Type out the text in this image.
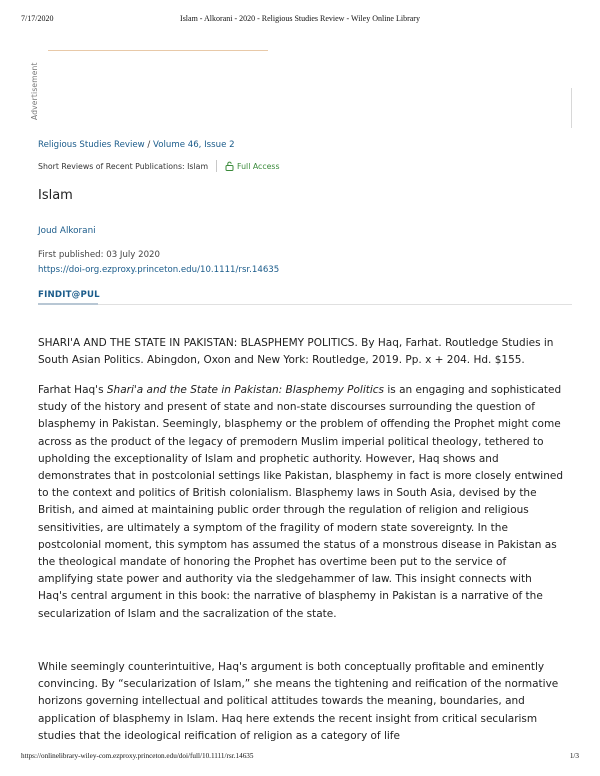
7/17/2020	Islam - Alkorani - 2020 - Religious Studies Review - Wiley Online Library
Advertisement
Religious Studies Review / Volume 46, Issue 2
Short Reviews of Recent Publications: Islam	Full Access
Islam
Joud Alkorani
First published: 03 July 2020
https://doi-org.ezproxy.princeton.edu/10.1111/rsr.14635
FINDIT@PUL

SHARI'A AND THE STATE IN PAKISTAN: BLASPHEMY POLITICS. By Haq, Farhat. Routledge Studies in South Asian Politics. Abingdon, Oxon and New York: Routledge, 2019. Pp. x + 204. Hd. $155.

Farhat Haq's Shari'a and the State in Pakistan: Blasphemy Politics is an engaging and sophisticated study of the history and present of state and non-state discourses surrounding the question of blasphemy in Pakistan. Seemingly, blasphemy or the problem of offending the Prophet might come across as the product of the legacy of premodern Muslim imperial political theology, tethered to upholding the exceptionality of Islam and prophetic authority. However, Haq shows and demonstrates that in postcolonial settings like Pakistan, blasphemy in fact is more closely entwined to the context and politics of British colonialism. Blasphemy laws in South Asia, devised by the British, and aimed at maintaining public order through the regulation of religion and religious sensitivities, are ultimately a symptom of the fragility of modern state sovereignty. In the postcolonial moment, this symptom has assumed the status of a monstrous disease in Pakistan as the theological mandate of honoring the Prophet has overtime been put to the service of amplifying state power and authority via the sledgehammer of law. This insight connects with Haq's central argument in this book: the narrative of blasphemy in Pakistan is a narrative of the secularization of Islam and the sacralization of the state.

While seemingly counterintuitive, Haq's argument is both conceptually profitable and eminently convincing. By “secularization of Islam,” she means the tightening and reification of the normative horizons governing intellectual and political attitudes towards the meaning, boundaries, and application of blasphemy in Islam. Haq here extends the recent insight from critical secularism studies that the ideological reification of religion as a category of life

https://onlinelibrary-wiley-com.ezproxy.princeton.edu/doi/full/10.1111/rsr.14635	1/3
